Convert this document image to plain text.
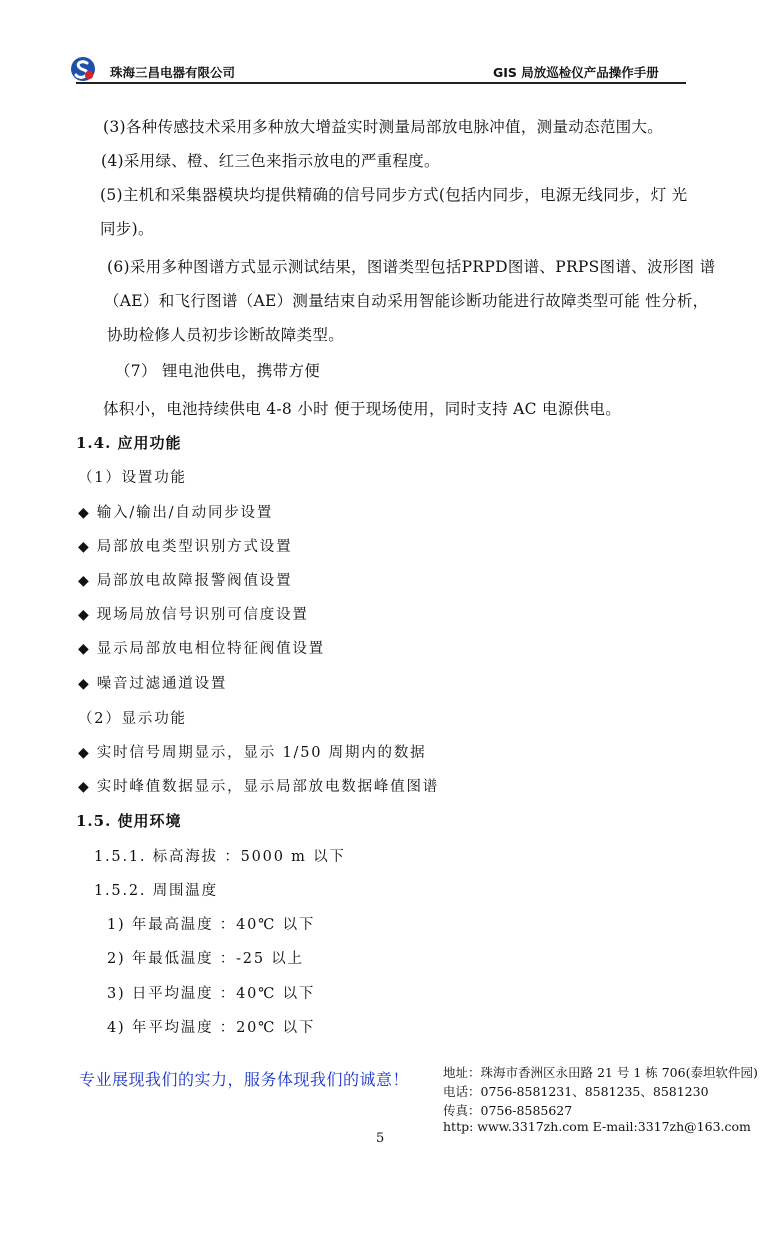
珠海三昌电器有限公司	GIS 局放巡检仪产品操作手册
(3)各种传感技术采用多种放大增益实时测量局部放电脉冲值，测量动态范围大。
(4)采用绿、橙、红三色来指示放电的严重程度。
(5)主机和采集器模块均提供精确的信号同步方式(包括内同步，电源无线同步，灯 光
同步)。
(6)采用多种图谱方式显示测试结果，图谱类型包括PRPD图谱、PRPS图谱、波形图 谱
（AE）和飞行图谱（AE）测量结束自动采用智能诊断功能进行故障类型可能 性分析，
协助检修人员初步诊断故障类型。
（7） 锂电池供电，携带方便
体积小，电池持续供电 4-8 小时 便于现场使用，同时支持 AC 电源供电。
1.4. 应用功能
（1）设置功能
◆ 输入/输出/自动同步设置
◆ 局部放电类型识别方式设置
◆ 局部放电故障报警阀值设置
◆ 现场局放信号识别可信度设置
◆ 显示局部放电相位特征阀值设置
◆ 噪音过滤通道设置
（2）显示功能
◆ 实时信号周期显示，显示 1/50 周期内的数据
◆ 实时峰值数据显示，显示局部放电数据峰值图谱
1.5. 使用环境
1.5.1. 标高海拔 ：5000 m 以下
1.5.2. 周围温度
1) 年最高温度 ：40℃ 以下
2) 年最低温度 ：-25 以上
3) 日平均温度 ：40℃ 以下
4) 年平均温度 ：20℃ 以下
专业展现我们的实力，服务体现我们的诚意！	地址：珠海市香洲区永田路 21 号 1 栋 706(泰坦软件园)
电话：0756-8581231、8581235、8581230
传真：0756-8585627
http: www.3317zh.com E-mail:3317zh@163.com
5
